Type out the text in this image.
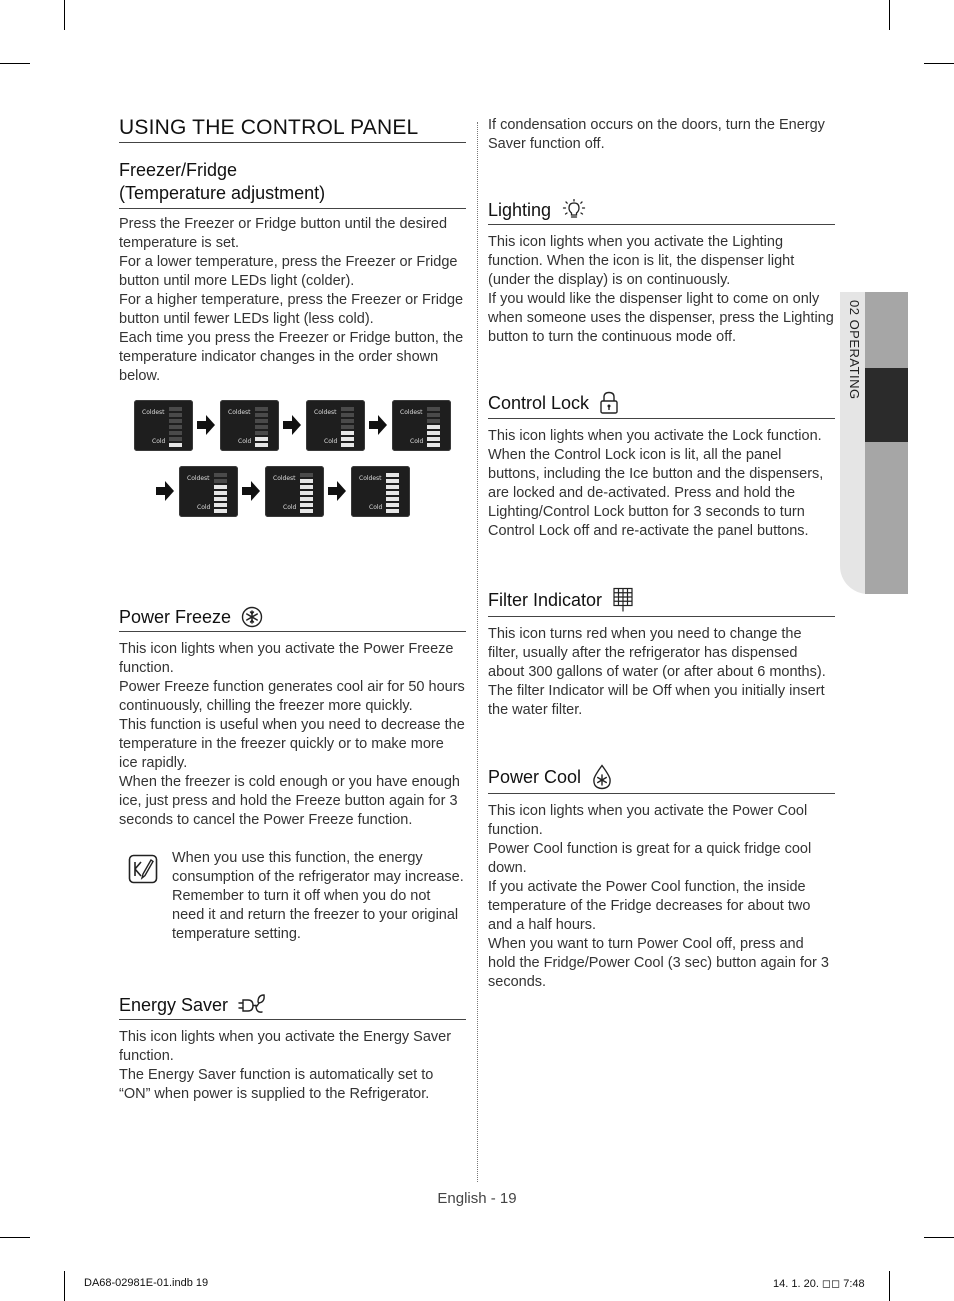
USING THE CONTROL PANEL
Freezer/Fridge
(Temperature adjustment)

Press the Freezer or Fridge button until the desired temperature is set.

For a lower temperature, press the Freezer or Fridge button until more LEDs light (colder).

For a higher temperature, press the Freezer or Fridge button until fewer LEDs light (less cold).

Each time you press the Freezer or Fridge button, the temperature indicator changes in the order shown below.

Coldest
Cold
Coldest
Cold
Coldest
Cold
Coldest
Cold
Coldest
Cold
Coldest
Cold
Coldest
Cold
Power Freeze

This icon lights when you activate the Power Freeze function.

Power Freeze function generates cool air for 50 hours continuously, chilling the freezer more quickly.

This function is useful when you need to decrease the temperature in the freezer quickly or to make more ice rapidly.

When the freezer is cold enough or you have enough ice, just press and hold the Freeze button again for 3 seconds to cancel the Power Freeze function.

When you use this function, the energy consumption of the refrigerator may increase.

Remember to turn it off when you do not need it and return the freezer to your original temperature setting.

Energy Saver

This icon lights when you activate the Energy Saver function.

The Energy Saver function is automatically set to “ON” when power is supplied to the Refrigerator.

If condensation occurs on the doors, turn the Energy Saver function off.

Lighting

This icon lights when you activate the Lighting function. When the icon is lit, the dispenser light (under the display) is on continuously.

If you would like the dispenser light to come on only when someone uses the dispenser, press the Lighting button to turn the continuous mode off.

Control Lock

This icon lights when you activate the Lock function. When the Control Lock icon is lit, all the panel buttons, including the Ice button and the dispensers, are locked and de-activated. Press and hold the Lighting/Control Lock button for 3 seconds to turn Control Lock off and re-activate the panel buttons.

Filter Indicator

This icon turns red when you need to change the filter, usually after the refrigerator has dispensed about 300 gallons of water (or after about 6 months).

The filter Indicator will be Off when you initially insert the water filter.

Power Cool

This icon lights when you activate the Power Cool function.

Power Cool function is great for a quick fridge cool down.

If you activate the Power Cool function, the inside temperature of the Fridge decreases for about two and a half hours.

When you want to turn Power Cool off, press and hold the Fridge/Power Cool (3 sec) button again for 3 seconds.

02 OPERATING
English - 19
DA68-02981E-01.indb 19	14. 1. 20. ◻◻ 7:48
